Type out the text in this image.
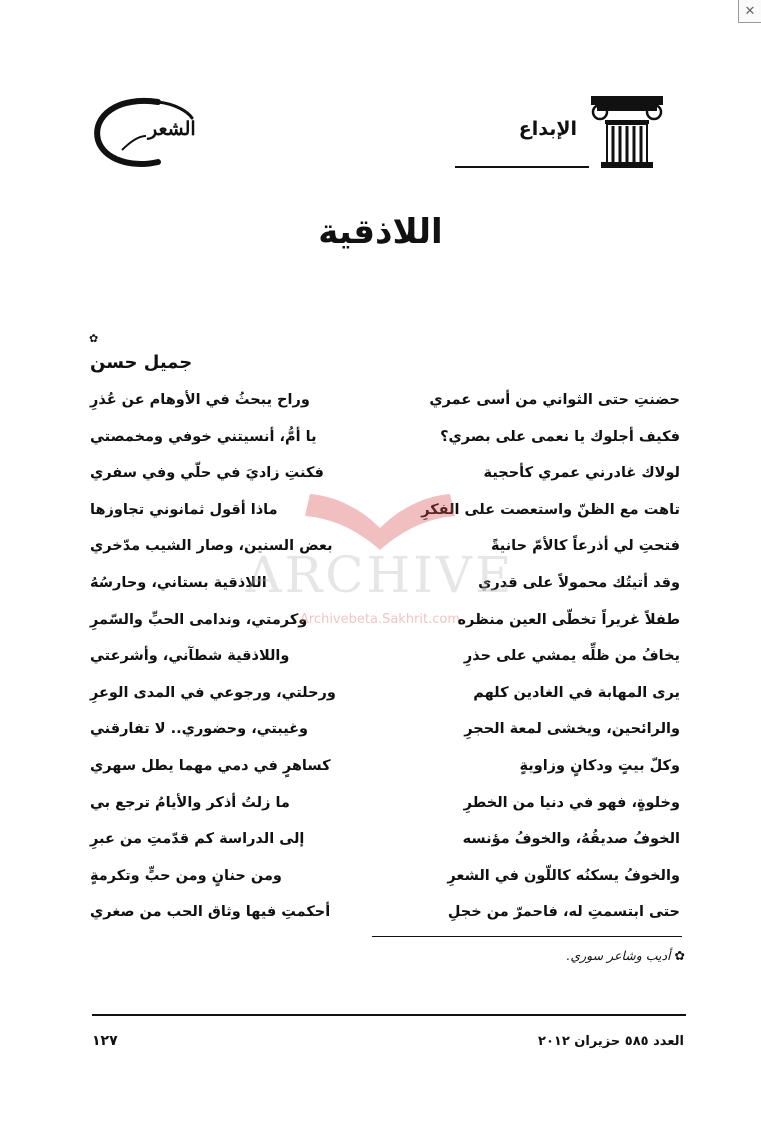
✕
الإبداع
الشعر
اللاذقية
✿
جميل حسن
حضنتِ حتى الثواني من أسى عمري
وراح يبحثُ في الأوهام عن عُذرِ
فكيف أجلوك يا نعمى على بصري؟
يا أمُّ، أنسيتني خوفي ومخمصتي
لولاك غادرني عمري كأحجية
فكنتِ زاديَ في حلّي وفي سفري
تاهت مع الظنّ واستعصت على الفكرِ
ماذا أقول ثمانوني تجاوزها
فتحتِ لي أذرعاً كالأمّ حانيةً
بعض السنين، وصار الشيب مدّخري
وقد أتيتُك محمولاً على قدري
اللاذقية بستاني، وحارسُهُ
طفلاً غريراً تخطّى العين منظره
وكرمتي، وندامى الحبِّ والسّمرِ
يخافُ من ظلِّه يمشي على حذرِ
واللاذقية شطآني، وأشرعتي
يرى المهابة في الغادين كلهم
ورحلتي، ورجوعي في المدى الوعرِ
والرائحين، ويخشى لمعة الحجرِ
وغيبتي، وحضوري.. لا تفارقني
وكلّ بيتٍ ودكانٍ وزاويةٍ
كساهرٍ في دمي مهما يطل سهري
وخلوةٍ، فهو في دنيا من الخطرِ
ما زلتُ أذكر والأيامُ ترجع بي
الخوفُ صديقُهُ، والخوفُ مؤنسه
إلى الدراسة كم قدّمتِ من عبرِ
والخوفُ يسكنُه كاللّون في الشعرِ
ومن حنانٍ ومن حبٍّ وتكرمةٍ
حتى ابتسمتِ له، فاحمرّ من خجلِ
أحكمتِ فيها وثاق الحب من صغري
✿ أديب وشاعر سوري.
العدد ٥٨٥ حزيران ٢٠١٢
١٢٧
ARCHIVE
Archivebeta.Sakhrit.com
